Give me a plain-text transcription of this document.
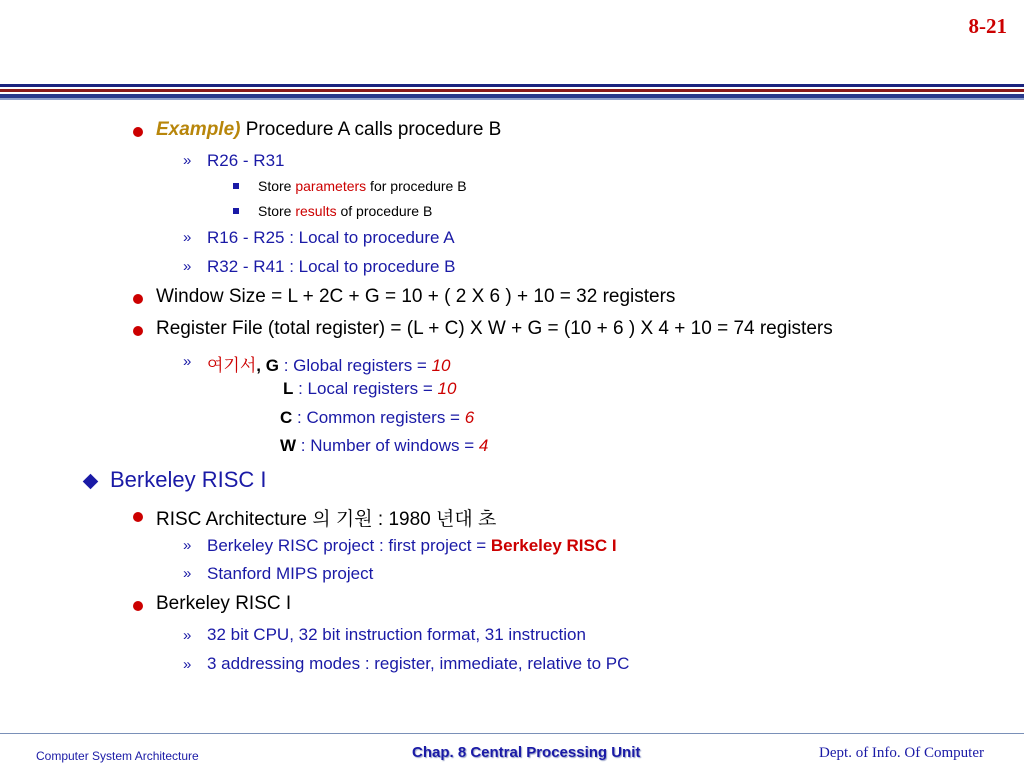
8-21
Example) Procedure A calls procedure B
» R26 - R31
Store parameters for procedure B
Store results of procedure B
» R16 - R25 : Local to procedure A
» R32 - R41 : Local to procedure B
Window Size = L + 2C + G = 10 + ( 2 X 6 ) + 10 = 32 registers
Register File (total register) = (L + C) X W + G = (10 + 6 ) X 4 + 10 = 74 registers
» 여기서, G : Global registers = 10
L : Local registers = 10
C : Common registers = 6
W : Number of windows = 4
Berkeley RISC I
RISC Architecture 의 기원 : 1980 년대 초
» Berkeley RISC project : first project = Berkeley RISC I
» Stanford MIPS project
Berkeley RISC I
» 32 bit CPU, 32 bit instruction format, 31 instruction
» 3 addressing modes : register, immediate, relative to PC
Computer System Architecture	Chap. 8 Central Processing Unit	Dept. of Info. Of Computer
